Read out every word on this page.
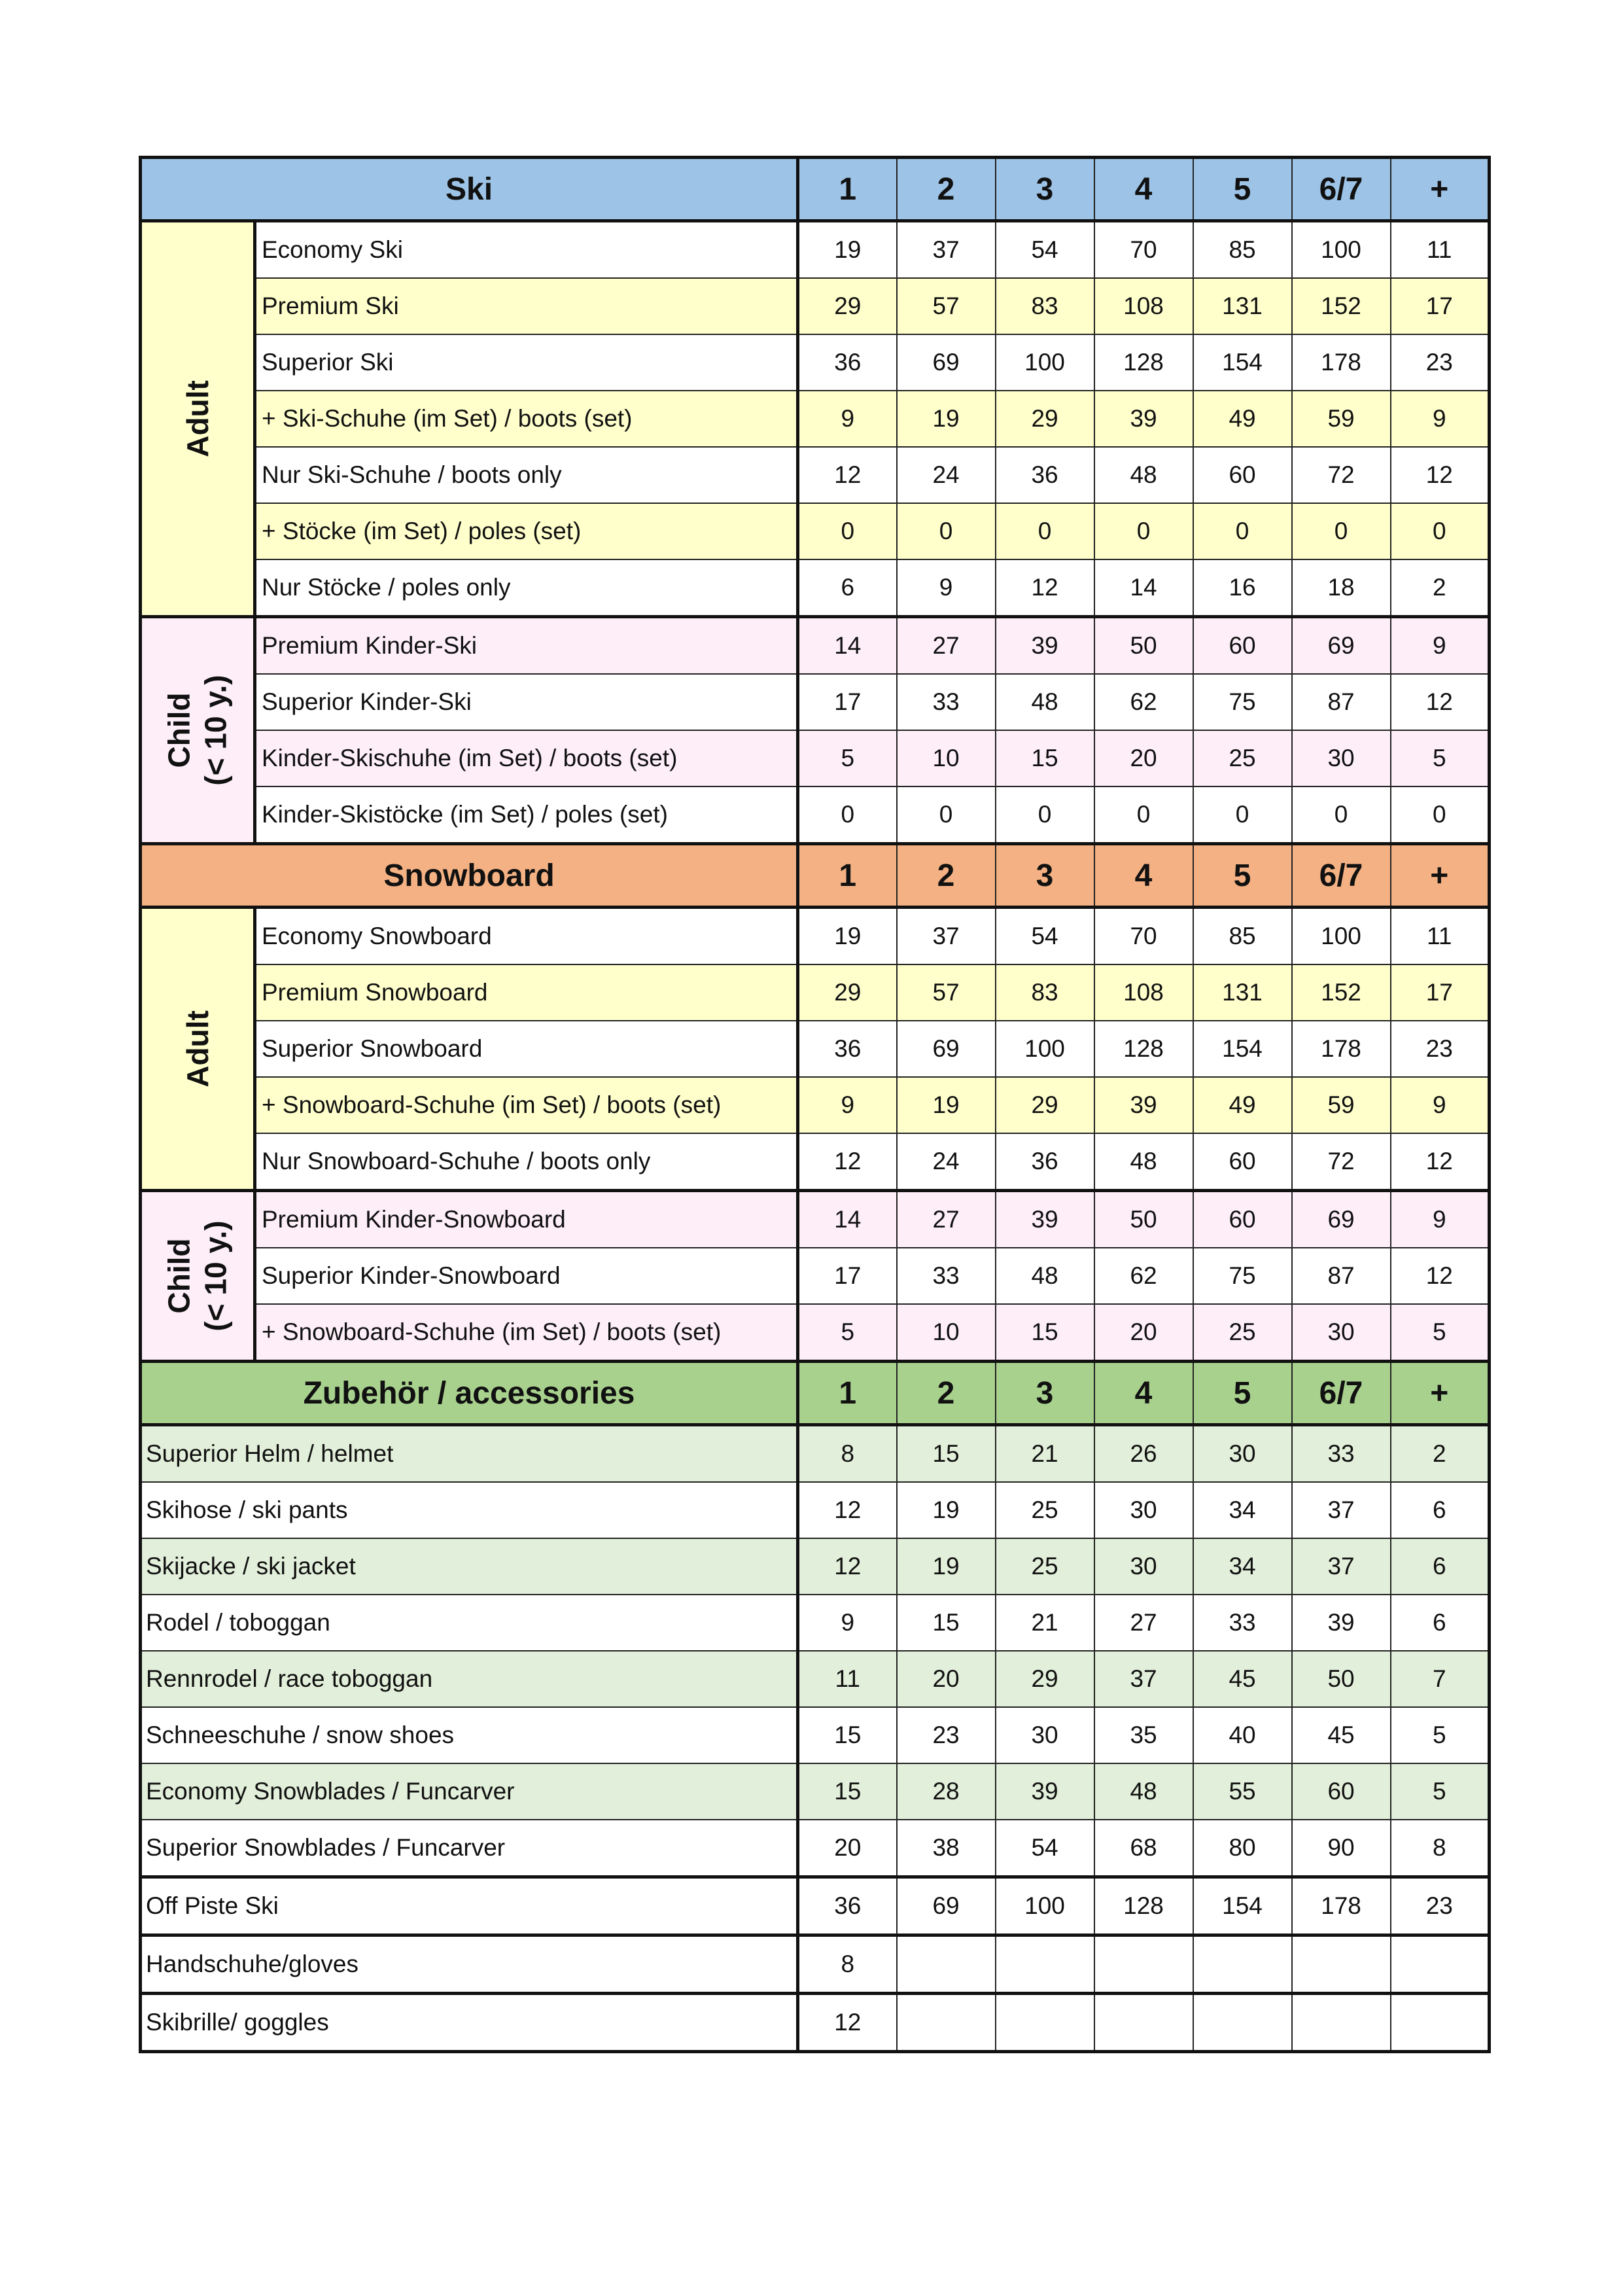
Ski		1	2	3	4	5	6/7	+
Adult	Economy Ski	19	37	54	70	85	100	11
	Premium Ski	29	57	83	108	131	152	17
	Superior Ski	36	69	100	128	154	178	23
	+ Ski-Schuhe (im Set) / boots (set)	9	19	29	39	49	59	9
	Nur Ski-Schuhe / boots only	12	24	36	48	60	72	12
	+ Stöcke (im Set) / poles (set)	0	0	0	0	0	0	0
	Nur Stöcke / poles only	6	9	12	14	16	18	2
Child
(< 10 y.)	Premium Kinder-Ski	14	27	39	50	60	69	9
	Superior Kinder-Ski	17	33	48	62	75	87	12
	Kinder-Skischuhe (im Set) / boots (set)	5	10	15	20	25	30	5
	Kinder-Skistöcke (im Set) / poles (set)	0	0	0	0	0	0	0
Snowboard		1	2	3	4	5	6/7	+
Adult	Economy Snowboard	19	37	54	70	85	100	11
	Premium Snowboard	29	57	83	108	131	152	17
	Superior Snowboard	36	69	100	128	154	178	23
	+ Snowboard-Schuhe (im Set) / boots (set)	9	19	29	39	49	59	9
	Nur Snowboard-Schuhe / boots only	12	24	36	48	60	72	12
Child
(< 10 y.)	Premium Kinder-Snowboard	14	27	39	50	60	69	9
	Superior Kinder-Snowboard	17	33	48	62	75	87	12
	+ Snowboard-Schuhe (im Set) / boots (set)	5	10	15	20	25	30	5
Zubehör / accessories		1	2	3	4	5	6/7	+
Superior Helm / helmet		8	15	21	26	30	33	2
Skihose / ski pants		12	19	25	30	34	37	6
Skijacke / ski jacket		12	19	25	30	34	37	6
Rodel / toboggan		9	15	21	27	33	39	6
Rennrodel / race toboggan		11	20	29	37	45	50	7
Schneeschuhe / snow shoes		15	23	30	35	40	45	5
Economy Snowblades / Funcarver		15	28	39	48	55	60	5
Superior Snowblades / Funcarver		20	38	54	68	80	90	8
Off Piste Ski		36	69	100	128	154	178	23
Handschuhe/gloves		8						
Skibrille/ goggles		12						
